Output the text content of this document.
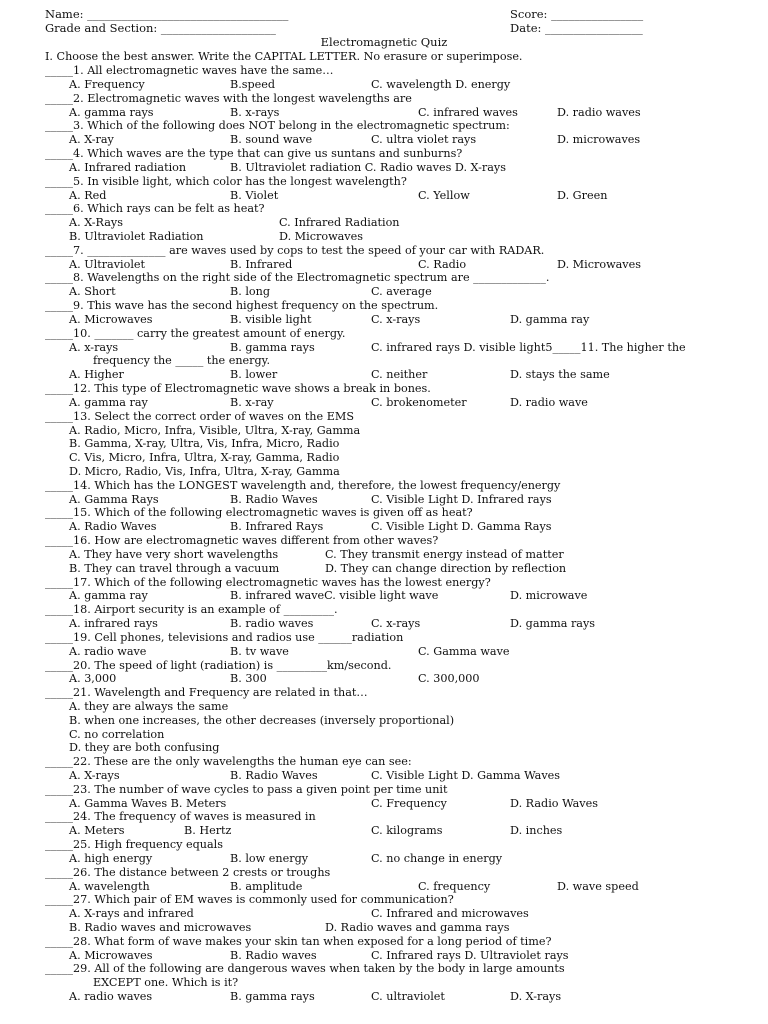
Name: ___________________________________	Score: ________________
Grade and Section: ____________________	Date: _________________
Electromagnetic Quiz
I. Choose the best answer. Write the CAPITAL LETTER. No erasure or superimpose.
_____1. All electromagnetic waves have the same…
A. Frequency	B.speed	C. wavelength D. energy
_____2. Electromagnetic waves with the longest wavelengths are
A. gamma rays	B. x-rays	C. infrared waves	D. radio waves
_____3. Which of the following does NOT belong in the electromagnetic spectrum:
A. X-ray	B. sound wave	C. ultra violet rays	D. microwaves
_____4. Which waves are the type that can give us suntans and sunburns?
A. Infrared radiation	B. Ultraviolet radiation C. Radio waves D. X-rays
_____5. In visible light, which color has the longest wavelength?
A. Red	B. Violet	C. Yellow	D. Green
_____6. Which rays can be felt as heat?
A. X-Rays	C. Infrared Radiation
B. Ultraviolet Radiation	D. Microwaves
_____7. ______________ are waves used by cops to test the speed of your car with RADAR.
A. Ultraviolet	B. Infrared	C. Radio	D. Microwaves
_____8. Wavelengths on the right side of the Electromagnetic spectrum are _____________.
A. Short	B. long	C. average
_____9. This wave has the second highest frequency on the spectrum.
A. Microwaves	B. visible light	C. x-rays	D. gamma ray
_____10. _______ carry the greatest amount of energy.
A. x-rays	B. gamma rays	C. infrared rays D. visible light5_____11. The higher the
frequency the _____ the energy.
A. Higher	B. lower	C. neither	D. stays the same
_____12. This type of Electromagnetic wave shows a break in bones.
A. gamma ray	B. x-ray	C. brokenometer	D. radio wave
_____13. Select the correct order of waves on the EMS
A. Radio, Micro, Infra, Visible, Ultra, X-ray, Gamma
B. Gamma, X-ray, Ultra, Vis, Infra, Micro, Radio
C. Vis, Micro, Infra, Ultra, X-ray, Gamma, Radio
D. Micro, Radio, Vis, Infra, Ultra, X-ray, Gamma
_____14. Which has the LONGEST wavelength and, therefore, the lowest frequency/energy
A. Gamma Rays	B. Radio Waves	C. Visible Light D. Infrared rays
_____15. Which of the following electromagnetic waves is given off as heat?
A. Radio Waves	B. Infrared Rays	C. Visible Light D. Gamma Rays
_____16. How are electromagnetic waves different from other waves?
A. They have very short wavelengths	C. They transmit energy instead of matter
B. They can travel through a vacuum	D. They can change direction by reflection
_____17. Which of the following electromagnetic waves has the lowest energy?
A. gamma ray	B. infrared waveC. visible light wave	D. microwave
_____18. Airport security is an example of _________.
A. infrared rays	B. radio waves	C. x-rays	D. gamma rays
_____19. Cell phones, televisions and radios use ______radiation
A. radio wave	B. tv wave	C. Gamma wave
_____20. The speed of light (radiation) is _________km/second.
A. 3,000	B. 300	C. 300,000
_____21. Wavelength and Frequency are related in that…
A. they are always the same
B. when one increases, the other decreases (inversely proportional)
C. no correlation
D. they are both confusing
_____22. These are the only wavelengths the human eye can see:
A. X-rays	B. Radio Waves	C. Visible Light D. Gamma Waves
_____23. The number of wave cycles to pass a given point per time unit
A. Gamma Waves B. Meters	C. Frequency	D. Radio Waves
_____24. The frequency of waves is measured in
A. Meters	B. Hertz	C. kilograms	D. inches
_____25. High frequency equals
A. high energy	B. low energy	C. no change in energy
_____26. The distance between 2 crests or troughs
A. wavelength	B. amplitude	C. frequency	D. wave speed
_____27. Which pair of EM waves is commonly used for communication?
A. X-rays and infrared	C. Infrared and microwaves
B. Radio waves and microwaves	D. Radio waves and gamma rays
_____28. What form of wave makes your skin tan when exposed for a long period of time?
A. Microwaves	B. Radio waves	C. Infrared rays D. Ultraviolet rays
_____29. All of the following are dangerous waves when taken by the body in large amounts
EXCEPT one. Which is it?
A. radio waves	B. gamma rays	C. ultraviolet	D. X-rays
